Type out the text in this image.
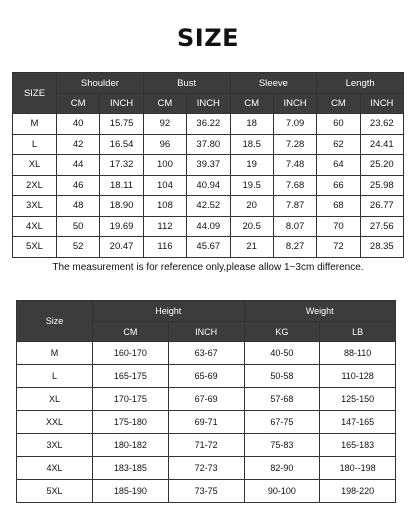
SIZE
SIZE	Shoulder		Bust		Sleeve		Length	
	CM	INCH	CM	INCH	CM	INCH	CM	INCH
M	40	15.75	92	36.22	18	7.09	60	23.62
L	42	16.54	96	37.80	18.5	7.28	62	24.41
XL	44	17.32	100	39.37	19	7.48	64	25.20
2XL	46	18.11	104	40.94	19.5	7.68	66	25.98
3XL	48	18.90	108	42.52	20	7.87	68	26.77
4XL	50	19.69	112	44.09	20.5	8.07	70	27.56
5XL	52	20.47	116	45.67	21	8.27	72	28.35
The measurement is for reference only,please allow 1~3cm difference.
Size	Height		Weight	
	CM	INCH	KG	LB
M	160-170	63-67	40-50	88-110
L	165-175	65-69	50-58	110-128
XL	170-175	67-69	57-68	125-150
XXL	175-180	69-71	67-75	147-165
3XL	180-182	71-72	75-83	165-183
4XL	183-185	72-73	82-90	180--198
5XL	185-190	73-75	90-100	198-220
